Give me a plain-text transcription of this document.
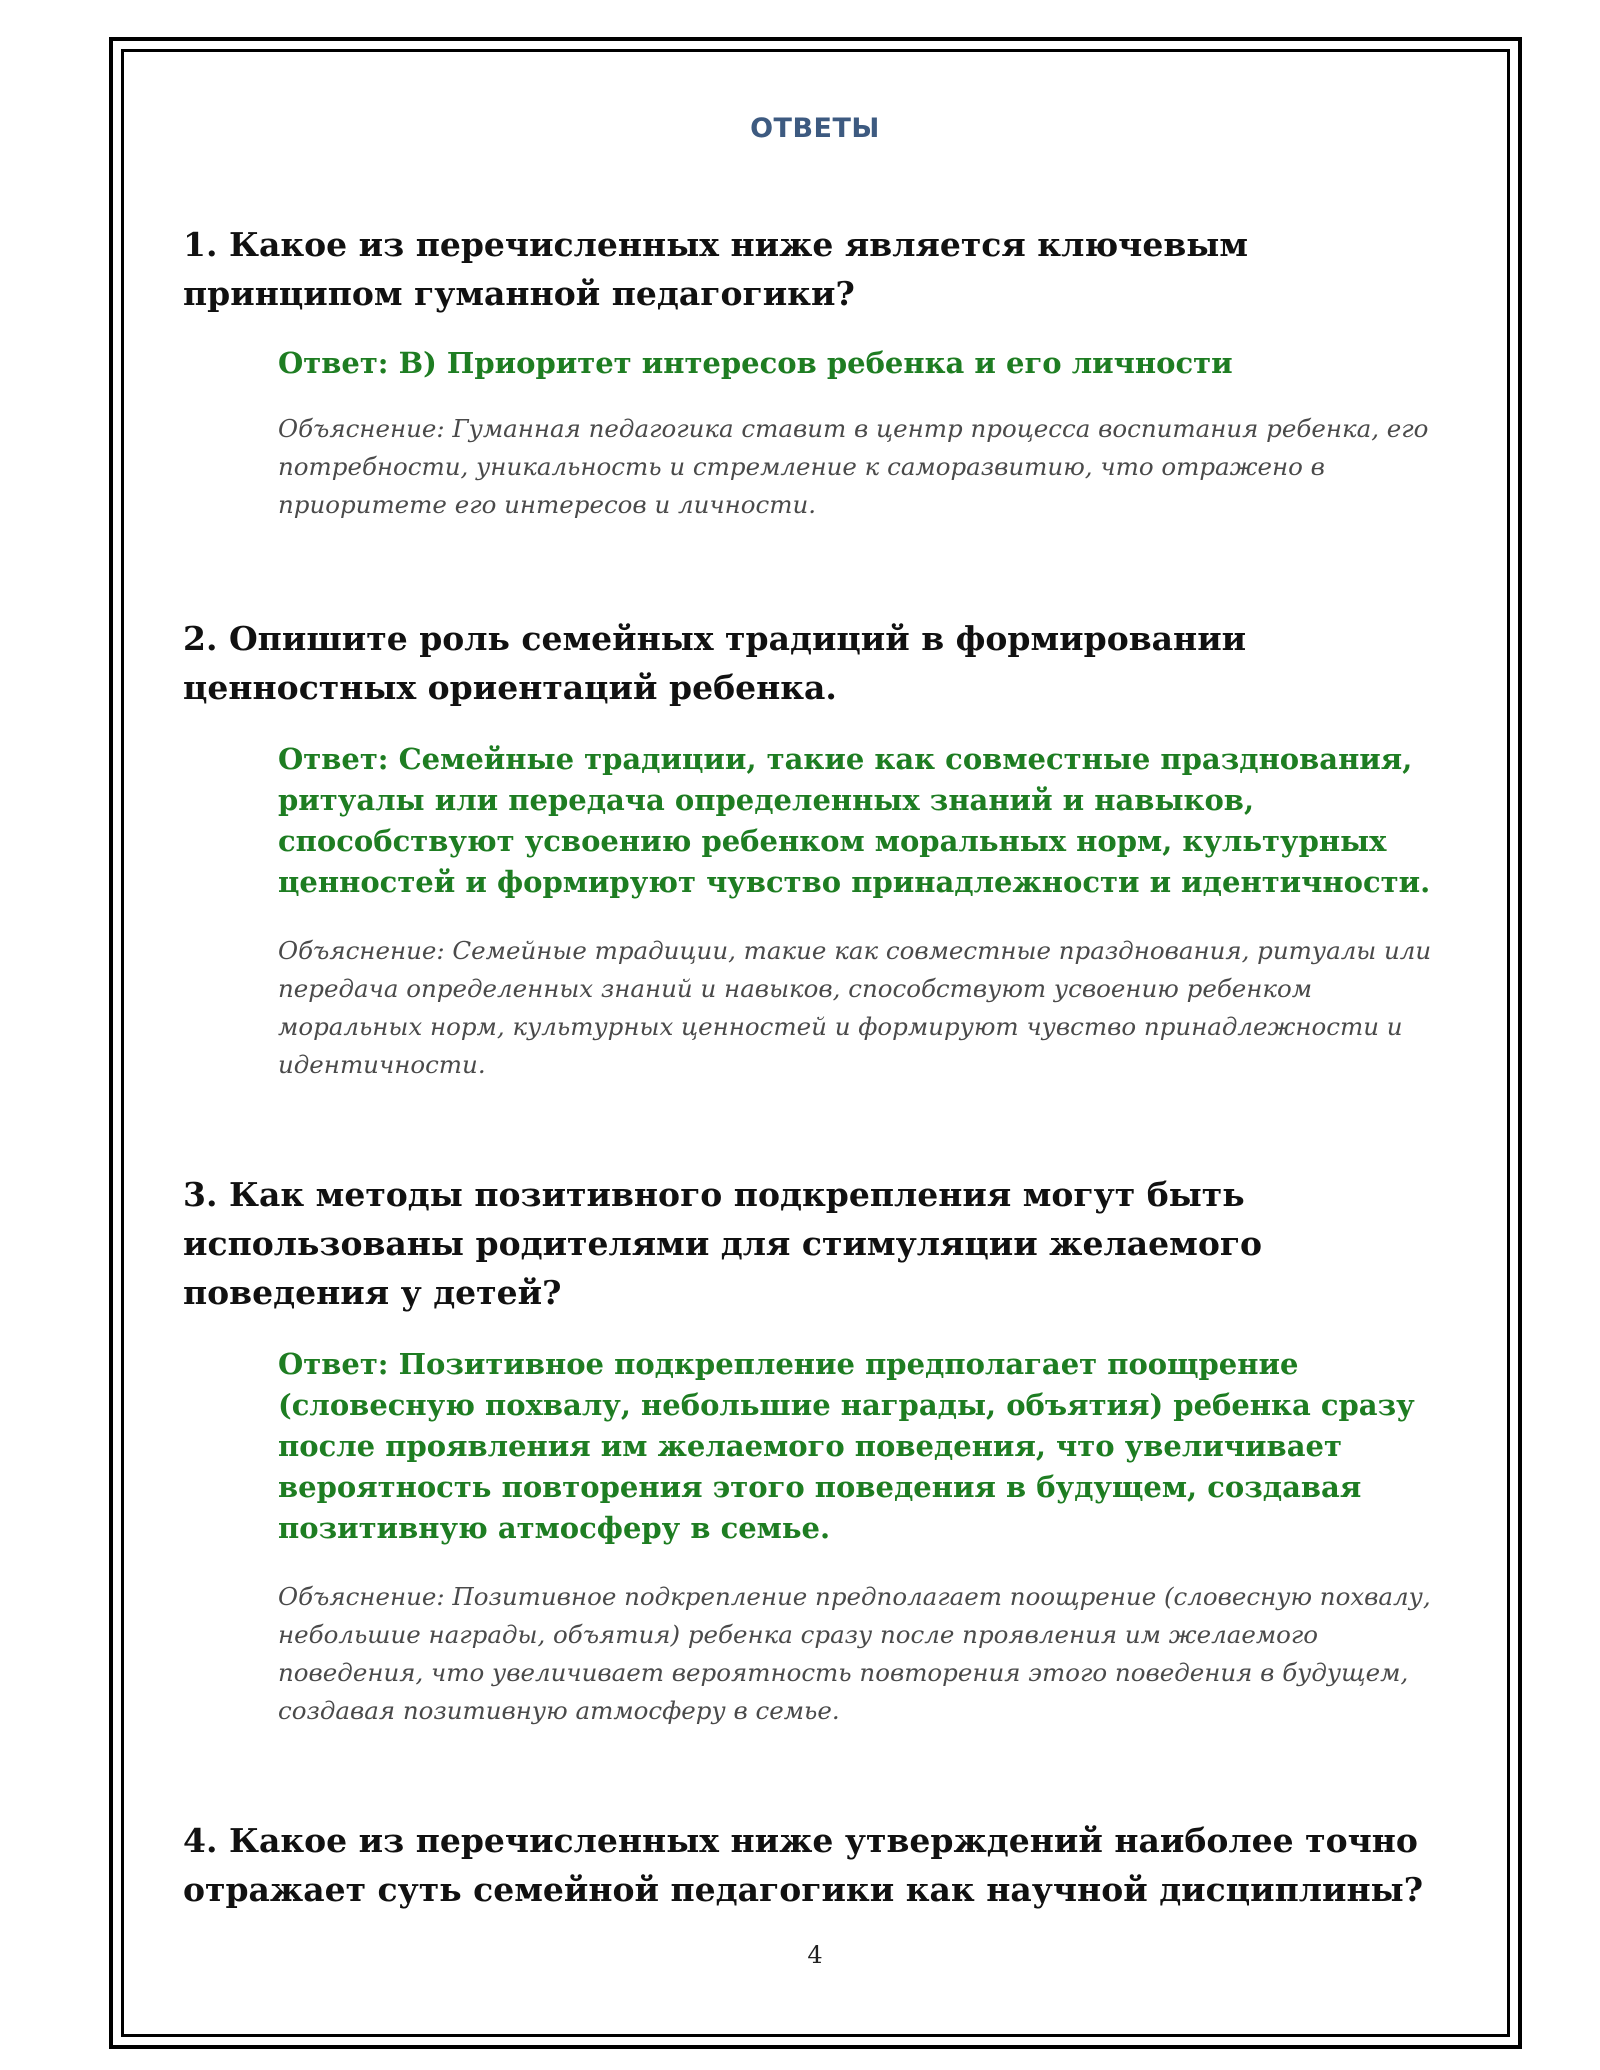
ОТВЕТЫ

1. Какое из перечисленных ниже является ключевым принципом гуманной педагогики?

Ответ: В) Приоритет интересов ребенка и его личности

Объяснение: Гуманная педагогика ставит в центр процесса воспитания ребенка, его потребности, уникальность и стремление к саморазвитию, что отражено в приоритете его интересов и личности.

2. Опишите роль семейных традиций в формировании ценностных ориентаций ребенка.

Ответ: Семейные традиции, такие как совместные празднования, ритуалы или передача определенных знаний и навыков, способствуют усвоению ребенком моральных норм, культурных ценностей и формируют чувство принадлежности и идентичности.

Объяснение: Семейные традиции, такие как совместные празднования, ритуалы или передача определенных знаний и навыков, способствуют усвоению ребенком моральных норм, культурных ценностей и формируют чувство принадлежности и идентичности.

3. Как методы позитивного подкрепления могут быть использованы родителями для стимуляции желаемого поведения у детей?

Ответ: Позитивное подкрепление предполагает поощрение (словесную похвалу, небольшие награды, объятия) ребенка сразу после проявления им желаемого поведения, что увеличивает вероятность повторения этого поведения в будущем, создавая позитивную атмосферу в семье.

Объяснение: Позитивное подкрепление предполагает поощрение (словесную похвалу, небольшие награды, объятия) ребенка сразу после проявления им желаемого поведения, что увеличивает вероятность повторения этого поведения в будущем, создавая позитивную атмосферу в семье.

4. Какое из перечисленных ниже утверждений наиболее точно отражает суть семейной педагогики как научной дисциплины?

4
